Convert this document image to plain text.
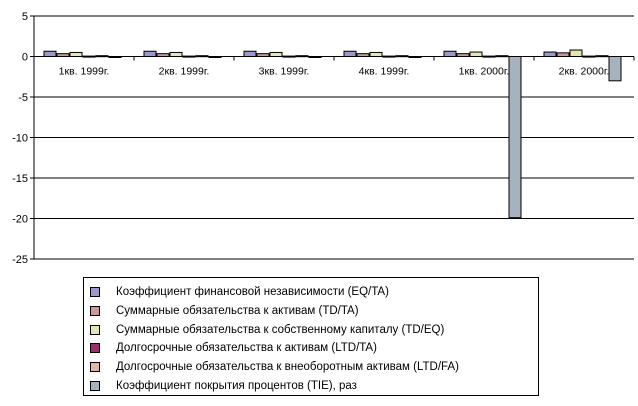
5
0
-5
-10
-15
-20
-25
1кв. 1999г.	2кв. 1999г.	3кв. 1999г.	4кв. 1999г.	1кв. 2000г.	2кв. 2000г.
Коэффициент финансовой независимости (EQ/TA)
Суммарные обязательства к активам (TD/TA)
Суммарные обязательства к собственному капиталу (TD/EQ)
Долгосрочные обязательства к активам (LTD/TA)
Долгосрочные обязательства к внеоборотным активам (LTD/FA)
Коэффициент покрытия процентов (TIE), раз
